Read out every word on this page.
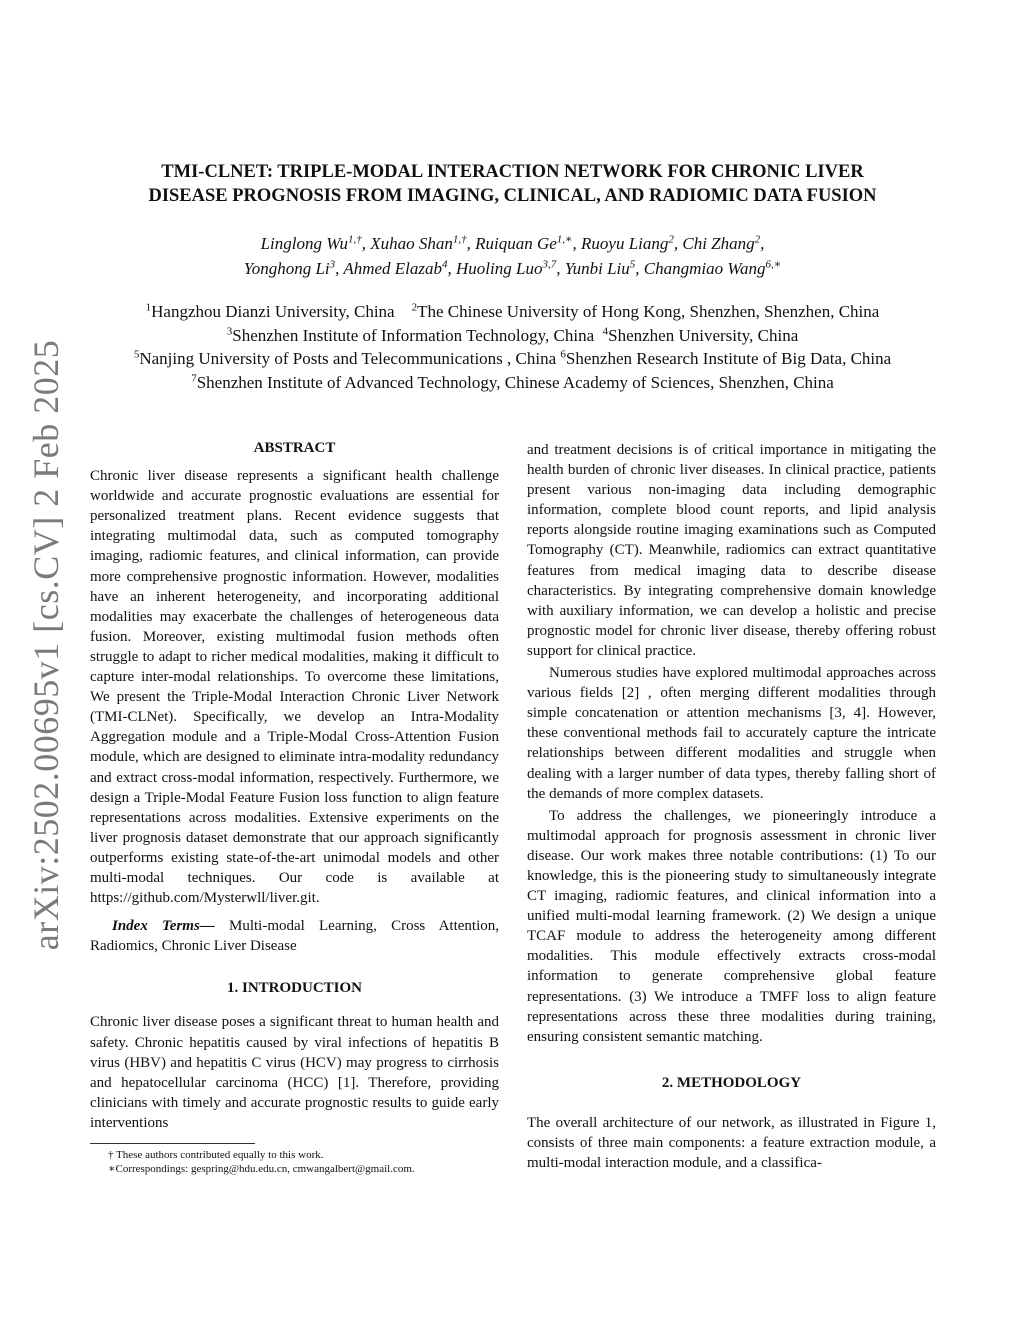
arXiv:2502.00695v1 [cs.CV] 2 Feb 2025
TMI-CLNET: TRIPLE-MODAL INTERACTION NETWORK FOR CHRONIC LIVER
DISEASE PROGNOSIS FROM IMAGING, CLINICAL, AND RADIOMIC DATA FUSION
Linglong $Wu^{1,\dagger}$, Xuhao Shan$^{1,\dagger}$, Ruiquan $Ge^{1,∗}$, Ruoyu Liang$^2$, Chi Zhang$^2$,
Yonghong Li$^3$, Ahmed Elazab$^4$, Huoling Luo$^{3,7}$, Yunbi Liu$^5$, Changmiao Wang$^{6,∗}$
$^1$Hangzhou Dianzi University, China $^2$The Chinese University of Hong Kong, Shenzhen, Shenzhen, China
$^3$Shenzhen Institute of Information Technology, China $^4$Shenzhen University, China
$^5$Nanjing University of Posts and Telecommunications , China $^6$Shenzhen Research Institute of Big Data, China
$^7$Shenzhen Institute of Advanced Technology, Chinese Academy of Sciences, Shenzhen, China
ABSTRACT

Chronic liver disease represents a significant health challenge worldwide and accurate prognostic evaluations are essential for personalized treatment plans. Recent evidence suggests that integrating multimodal data, such as computed tomography imaging, radiomic features, and clinical information, can provide more comprehensive prognostic information. However, modalities have an inherent heterogeneity, and incorporating additional modalities may exacerbate the challenges of heterogeneous data fusion. Moreover, existing multimodal fusion methods often struggle to adapt to richer medical modalities, making it difficult to capture inter-modal relationships. To overcome these limitations, We present the Triple-Modal Interaction Chronic Liver Network (TMI-CLNet). Specifically, we develop an Intra-Modality Aggregation module and a Triple-Modal Cross-Attention Fusion module, which are designed to eliminate intra-modality redundancy and extract cross-modal information, respectively. Furthermore, we design a Triple-Modal Feature Fusion loss function to align feature representations across modalities. Extensive experiments on the liver prognosis dataset demonstrate that our approach significantly outperforms existing state-of-the-art unimodal models and other multi-modal techniques. Our code is available at https://github.com/Mysterwll/liver.git.

Index Terms— Multi-modal Learning, Cross Attention, Radiomics, Chronic Liver Disease

1. INTRODUCTION

Chronic liver disease poses a significant threat to human health and safety. Chronic hepatitis caused by viral infections of hepatitis B virus (HBV) and hepatitis C virus (HCV) may progress to cirrhosis and hepatocellular carcinoma (HCC) [1]. Therefore, providing clinicians with timely and accurate prognostic results to guide early interventions

† These authors contributed equally to this work.

∗Correspondings: gespring@hdu.edu.cn, cmwangalbert@gmail.com.

and treatment decisions is of critical importance in mitigating the health burden of chronic liver diseases. In clinical practice, patients present various non-imaging data including demographic information, complete blood count reports, and lipid analysis reports alongside routine imaging examinations such as Computed Tomography (CT). Meanwhile, radiomics can extract quantitative features from medical imaging data to describe disease characteristics. By integrating comprehensive domain knowledge with auxiliary information, we can develop a holistic and precise prognostic model for chronic liver disease, thereby offering robust support for clinical practice.

Numerous studies have explored multimodal approaches across various fields [2] , often merging different modalities through simple concatenation or attention mechanisms [3, 4]. However, these conventional methods fail to accurately capture the intricate relationships between different modalities and struggle when dealing with a larger number of data types, thereby falling short of the demands of more complex datasets.

To address the challenges, we pioneeringly introduce a multimodal approach for prognosis assessment in chronic liver disease. Our work makes three notable contributions: (1) To our knowledge, this is the pioneering study to simultaneously integrate CT imaging, radiomic features, and clinical information into a unified multi-modal learning framework. (2) We design a unique TCAF module to address the heterogeneity among different modalities. This module effectively extracts cross-modal information to generate comprehensive global feature representations. (3) We introduce a TMFF loss to align feature representations across these three modalities during training, ensuring consistent semantic matching.

2. METHODOLOGY

The overall architecture of our network, as illustrated in Figure 1, consists of three main components: a feature extraction module, a multi-modal interaction module, and a classifica-
